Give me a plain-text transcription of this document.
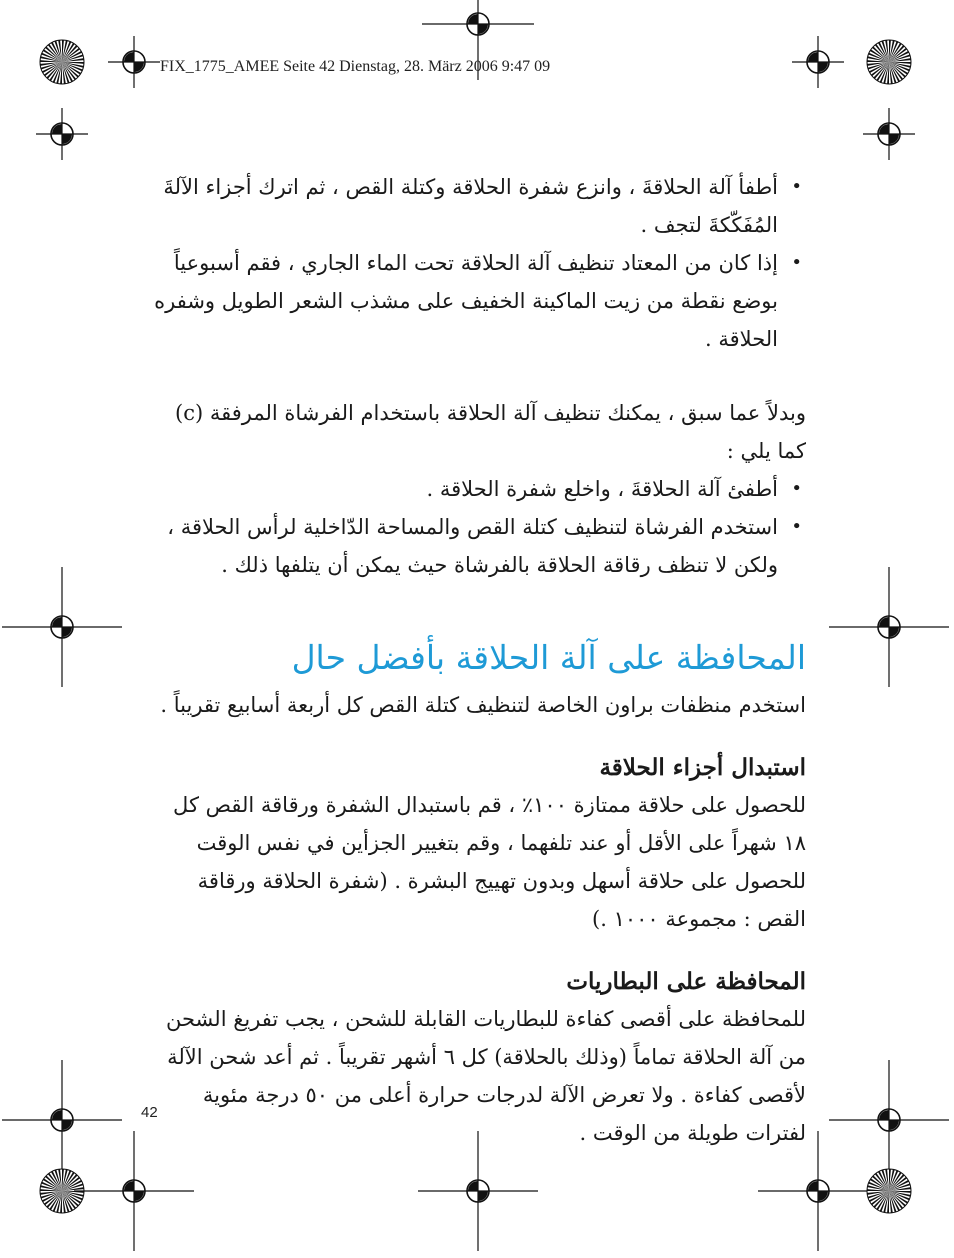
FIX_1775_AMEE Seite 42 Dienstag, 28. März 2006 9:47 09
• أطفأ آلة الحلاقةَ ، وانزع شفرة الحلاقة وكتلة القص ، ثم اترك أجزاء الآلةَ المُفَكّكةَ لتجف .
• إذا كان من المعتاد تنظيف آلة الحلاقة تحت الماء الجاري ، فقم أسبوعياً بوضع نقطة من زيت الماكينة الخفيف على مشذب الشعر الطويل وشفره الحلاقة .

وبدلاً عما سبق ، يمكنك تنظيف آلة الحلاقة باستخدام الفرشاة المرفقة (c) كما يلي :

• أطفئ آلة الحلاقةَ ، واخلع شفرة الحلاقة .
• استخدم الفرشاة لتنظيف كتلة القص والمساحة الدّاخلية لرأس الحلاقة ، ولكن لا تنظف رقاقة الحلاقة بالفرشاة حيث يمكن أن يتلفها ذلك .
المحافظة على آلة الحلاقة بأفضل حال

استخدم منظفات براون الخاصة لتنظيف كتلة القص كل أربعة أسابيع تقريباً .

استبدال أجزاء الحلاقة

للحصول على حلاقة ممتازة ١٠٠٪ ، قم باستبدال الشفرة ورقاقة القص كل ١٨ شهراً على الأقل أو عند تلفهما ، وقم بتغيير الجزأين في نفس الوقت للحصول على حلاقة أسهل وبدون تهييج البشرة . (شفرة الحلاقة ورقاقة القص : مجموعة ١٠٠٠ .)

المحافظة على البطاريات

للمحافظة على أقصى كفاءة للبطاريات القابلة للشحن ، يجب تفريغ الشحن من آلة الحلاقة تماماً (وذلك بالحلاقة) كل ٦ أشهر تقريباً . ثم أعد شحن الآلة لأقصى كفاءة . ولا تعرض الآلة لدرجات حرارة أعلى من ٥٠ درجة مئوية لفترات طويلة من الوقت .

42
